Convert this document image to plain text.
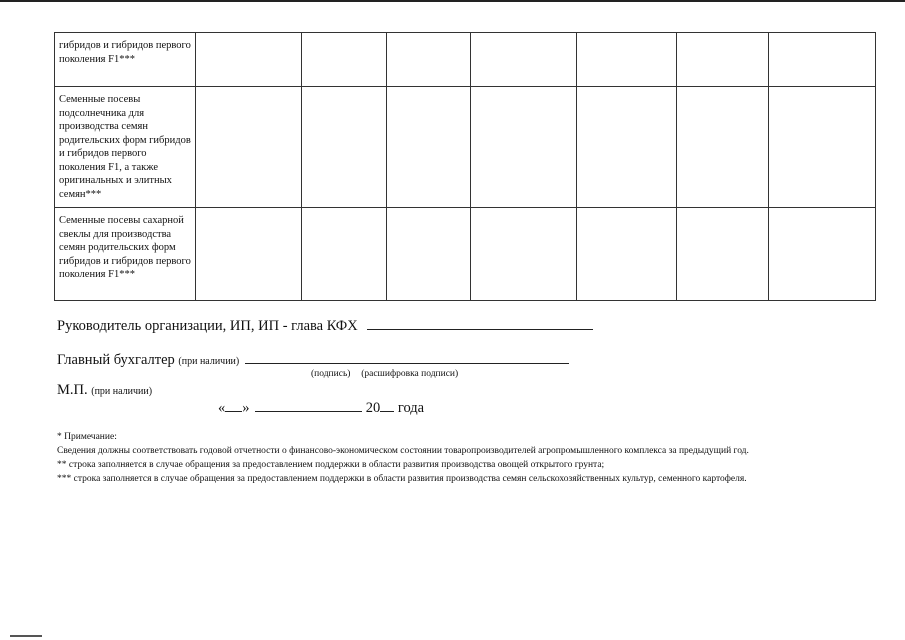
гибридов и гибридов первого поколения F1***							
Семенные посевы подсолнечника для производства семян родительских форм гибридов и гибридов первого поколения F1, а также оригинальных и элитных семян***							
Семенные посевы сахарной свеклы для производства семян родительских форм гибридов и гибридов первого поколения F1***							
Руководитель организации, ИП, ИП - глава КФХ
Главный бухгалтер (при наличии)
(подпись) (расшифровка подписи)
М.П. (при наличии)
« »	20 года

* Примечание:

Сведения должны соответствовать годовой отчетности о финансово-экономическом состоянии товаропроизводителей агропромышленного комплекса за предыдущий год.

** строка заполняется в случае обращения за предоставлением поддержки в области развития производства овощей открытого грунта;

*** строка заполняется в случае обращения за предоставлением поддержки в области развития производства семян сельскохозяйственных культур, семенного картофеля.
